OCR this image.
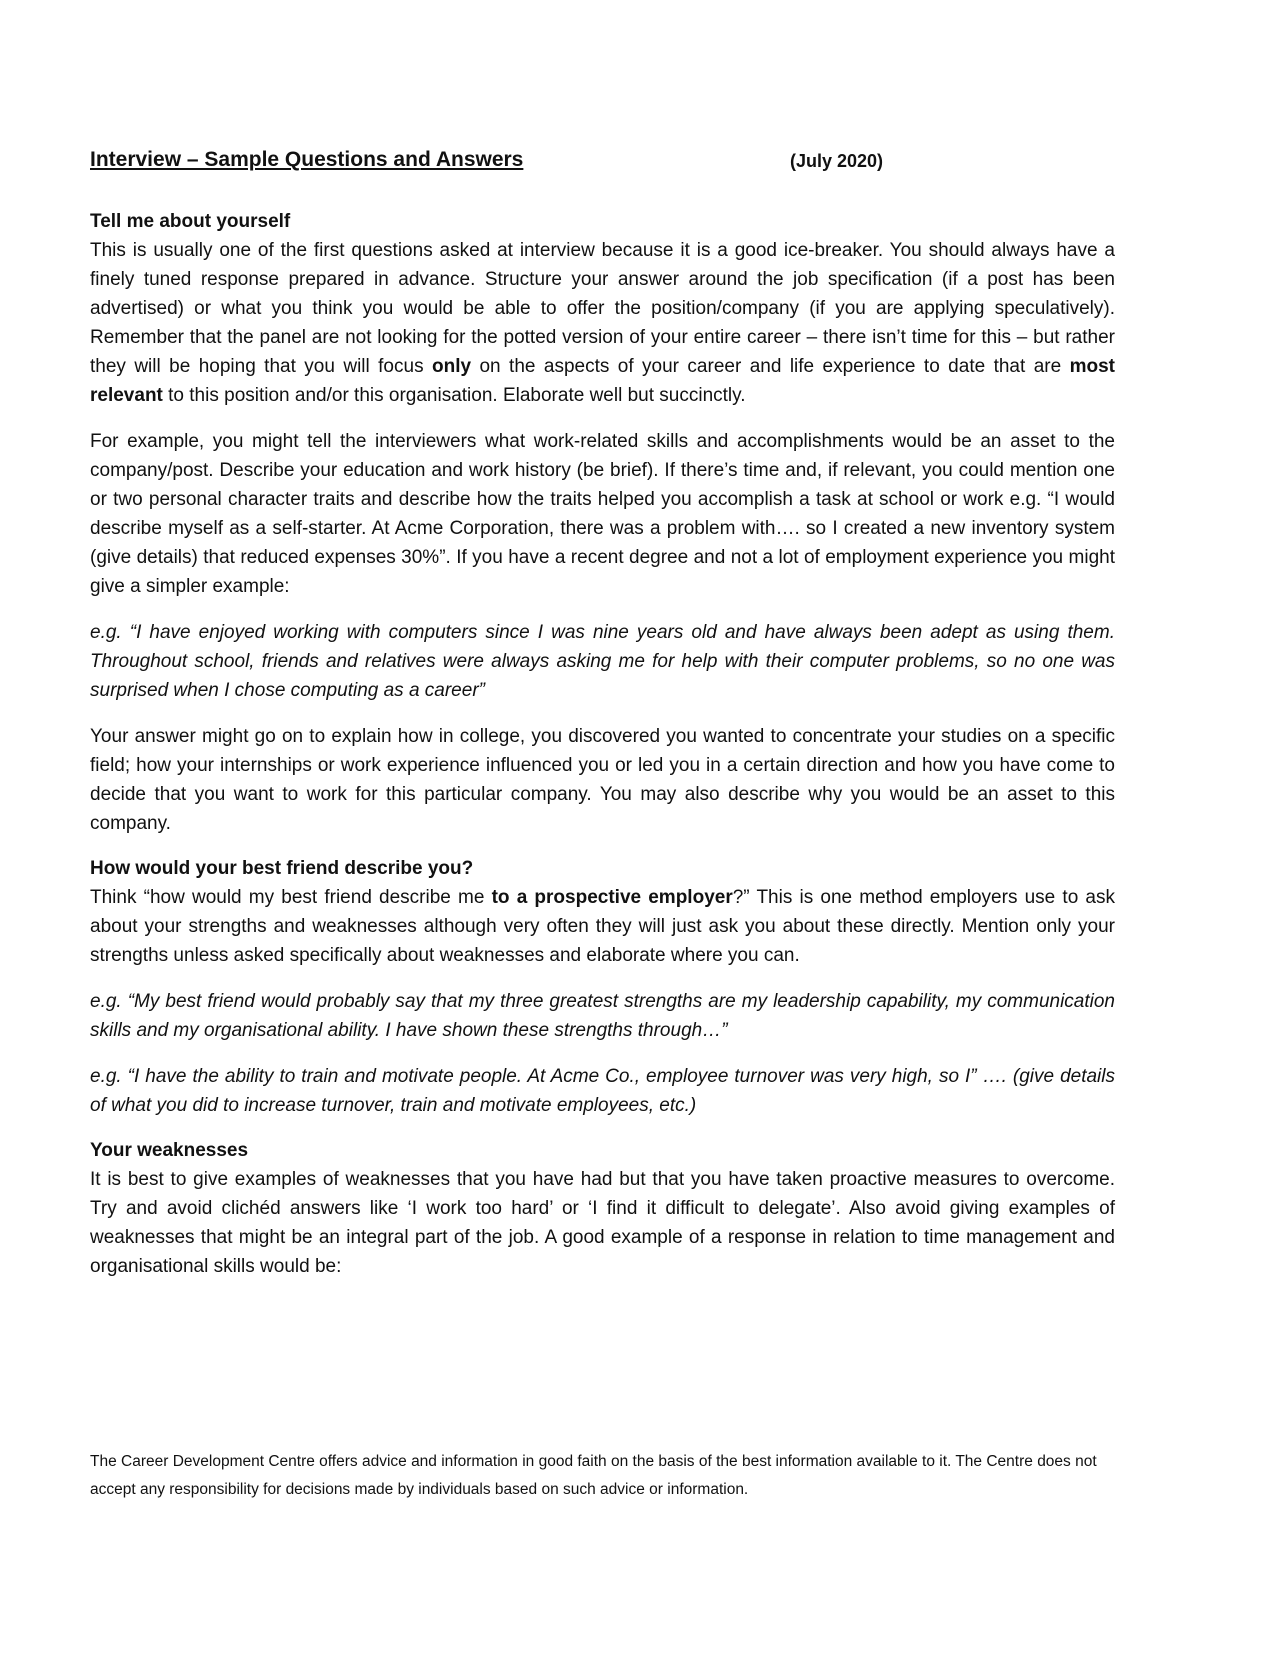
Interview – Sample Questions and Answers	(July 2020)
Tell me about yourself

This is usually one of the first questions asked at interview because it is a good ice-breaker. You should always have a finely tuned response prepared in advance. Structure your answer around the job specification (if a post has been advertised) or what you think you would be able to offer the position/company (if you are applying speculatively). Remember that the panel are not looking for the potted version of your entire career – there isn’t time for this – but rather they will be hoping that you will focus only on the aspects of your career and life experience to date that are most relevant to this position and/or this organisation. Elaborate well but succinctly.

For example, you might tell the interviewers what work-related skills and accomplishments would be an asset to the company/post. Describe your education and work history (be brief). If there’s time and, if relevant, you could mention one or two personal character traits and describe how the traits helped you accomplish a task at school or work e.g. “I would describe myself as a self-starter. At Acme Corporation, there was a problem with…. so I created a new inventory system (give details) that reduced expenses 30%”. If you have a recent degree and not a lot of employment experience you might give a simpler example:

e.g. “I have enjoyed working with computers since I was nine years old and have always been adept as using them. Throughout school, friends and relatives were always asking me for help with their computer problems, so no one was surprised when I chose computing as a career”

Your answer might go on to explain how in college, you discovered you wanted to concentrate your studies on a specific field; how your internships or work experience influenced you or led you in a certain direction and how you have come to decide that you want to work for this particular company. You may also describe why you would be an asset to this company.

How would your best friend describe you?

Think “how would my best friend describe me to a prospective employer?” This is one method employers use to ask about your strengths and weaknesses although very often they will just ask you about these directly. Mention only your strengths unless asked specifically about weaknesses and elaborate where you can.

e.g. “My best friend would probably say that my three greatest strengths are my leadership capability, my communication skills and my organisational ability. I have shown these strengths through…”

e.g. “I have the ability to train and motivate people. At Acme Co., employee turnover was very high, so I” …. (give details of what you did to increase turnover, train and motivate employees, etc.)

Your weaknesses

It is best to give examples of weaknesses that you have had but that you have taken proactive measures to overcome. Try and avoid clichéd answers like ‘I work too hard’ or ‘I find it difficult to delegate’. Also avoid giving examples of weaknesses that might be an integral part of the job. A good example of a response in relation to time management and organisational skills would be:

The Career Development Centre offers advice and information in good faith on the basis of the best information available to it. The Centre does not accept any responsibility for decisions made by individuals based on such advice or information.
